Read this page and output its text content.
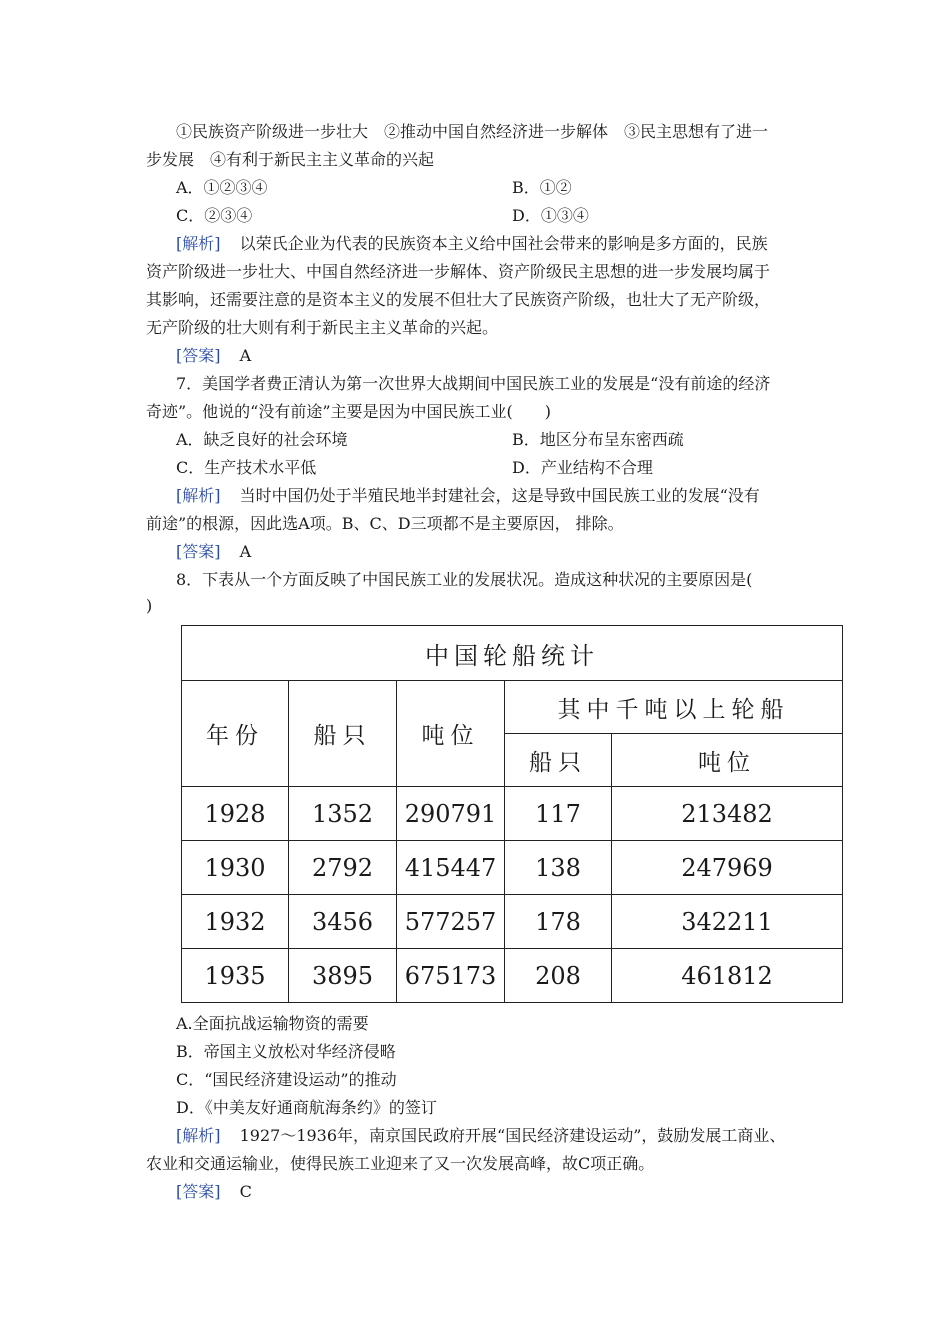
①民族资产阶级进一步壮大　②推动中国自然经济进一步解体　③民主思想有了进一
步发展　④有利于新民主主义革命的兴起
A．①②③④	B．①②
C．②③④	D．①③④
[解析] 以荣氏企业为代表的民族资本主义给中国社会带来的影响是多方面的，民族
资产阶级进一步壮大、中国自然经济进一步解体、资产阶级民主思想的进一步发展均属于
其影响，还需要注意的是资本主义的发展不但壮大了民族资产阶级，也壮大了无产阶级，
无产阶级的壮大则有利于新民主主义革命的兴起。
[答案] A
7．美国学者费正清认为第一次世界大战期间中国民族工业的发展是“没有前途的经济
奇迹”。他说的“没有前途”主要是因为中国民族工业(　　)
A．缺乏良好的社会环境	B．地区分布呈东密西疏
C．生产技术水平低	D．产业结构不合理
[解析] 当时中国仍处于半殖民地半封建社会，这是导致中国民族工业的发展“没有
前途”的根源，因此选A项。B、C、D三项都不是主要原因， 排除。
[答案] A
8．下表从一个方面反映了中国民族工业的发展状况。造成这种状况的主要原因是(
)
中国轮船统计				
年份	船只	吨位	其中千吨以上轮船	
			船只	吨位
1928	1352	290791	117	213482
1930	2792	415447	138	247969
1932	3456	577257	178	342211
1935	3895	675173	208	461812
A.全面抗战运输物资的需要
B．帝国主义放松对华经济侵略
C．“国民经济建设运动”的推动
D．《中美友好通商航海条约》的签订
[解析] 1927～1936年，南京国民政府开展“国民经济建设运动”，鼓励发展工商业、
农业和交通运输业，使得民族工业迎来了又一次发展高峰，故C项正确。
[答案] C
